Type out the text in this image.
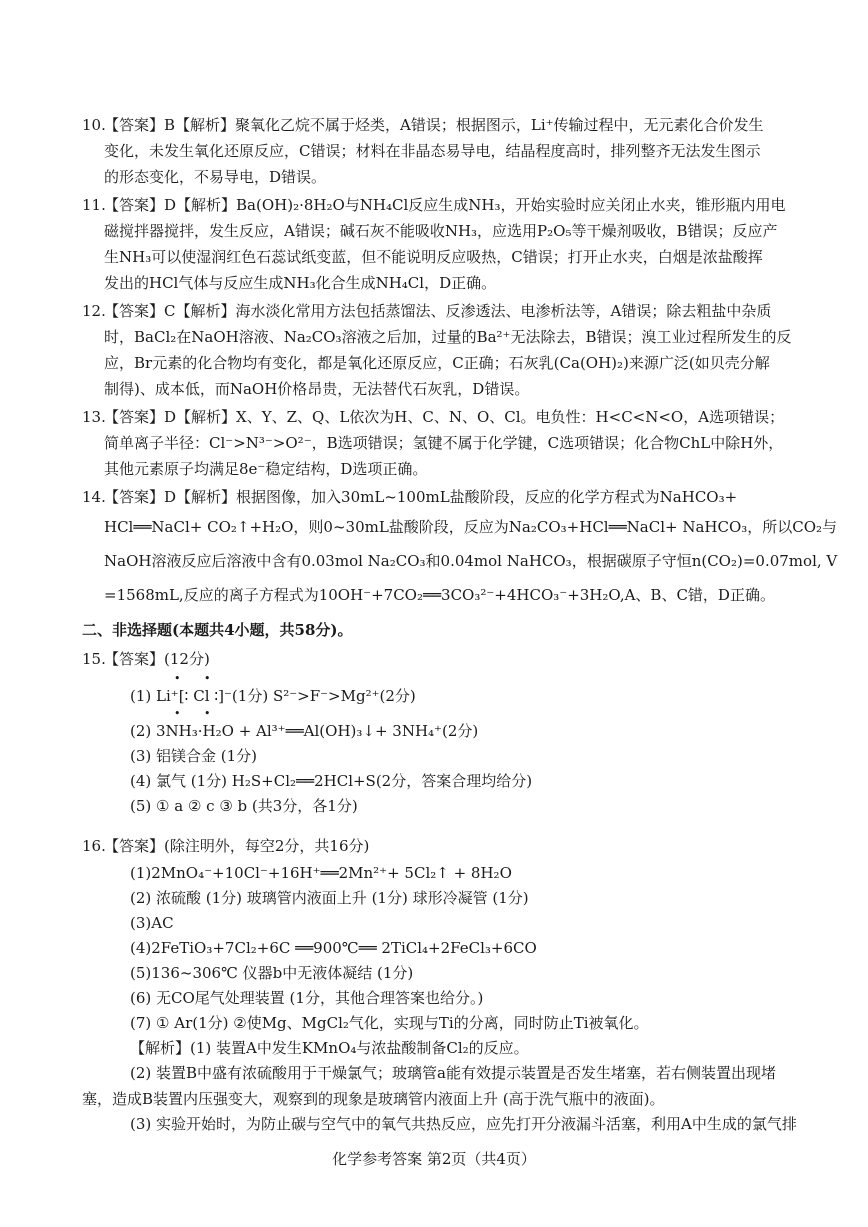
10.
【答案】B【解析】聚氧化乙烷不属于烃类，A错误；根据图示，Li⁺传输过程中，无元素化合价发生
变化，未发生氧化还原反应，C错误；材料在非晶态易导电，结晶程度高时，排列整齐无法发生图示
的形态变化，不易导电，D错误。
11.
【答案】D【解析】Ba(OH)₂·8H₂O与NH₄Cl反应生成NH₃，开始实验时应关闭止水夹，锥形瓶内用电
磁搅拌器搅拌，发生反应，A错误；碱石灰不能吸收NH₃，应选用P₂O₅等干燥剂吸收，B错误；反应产
生NH₃可以使湿润红色石蕊试纸变蓝，但不能说明反应吸热，C错误；打开止水夹，白烟是浓盐酸挥
发出的HCl气体与反应生成NH₃化合生成NH₄Cl，D正确。
12.
【答案】C【解析】海水淡化常用方法包括蒸馏法、反渗透法、电渗析法等，A错误；除去粗盐中杂质
时，BaCl₂在NaOH溶液、Na₂CO₃溶液之后加，过量的Ba²⁺无法除去，B错误；溴工业过程所发生的反
应，Br元素的化合物均有变化，都是氧化还原反应，C正确；石灰乳(Ca(OH)₂)来源广泛(如贝壳分解
制得)、成本低，而NaOH价格昂贵，无法替代石灰乳，D错误。
13.
【答案】D【解析】X、Y、Z、Q、L依次为H、C、N、O、Cl。电负性：H<C<N<O，A选项错误；
简单离子半径：Cl⁻>N³⁻>O²⁻，B选项错误；氢键不属于化学键，C选项错误；化合物ChL中除H外，
其他元素原子均满足8e⁻稳定结构，D选项正确。
14.
【答案】D【解析】根据图像，加入30mL~100mL盐酸阶段，反应的化学方程式为NaHCO₃+
HCl══NaCl+ CO₂↑+H₂O，则0~30mL盐酸阶段，反应为Na₂CO₃+HCl══NaCl+ NaHCO₃，所以CO₂与
NaOH溶液反应后溶液中含有0.03mol Na₂CO₃和0.04mol NaHCO₃，根据碳原子守恒n(CO₂)=0.07mol, V
=1568mL,反应的离子方程式为10OH⁻+7CO₂══3CO₃²⁻+4HCO₃⁻+3H₂O,A、B、C错，D正确。
二、非选择题(本题共4小题，共58分)。
15.
【答案】(12分)
• •
(1) Li⁺[∶ Cl ∶]⁻(1分) S²⁻>F⁻>Mg²⁺(2分)
• •
(2) 3NH₃·H₂O + Al³⁺══Al(OH)₃↓+ 3NH₄⁺(2分)
(3) 铝镁合金 (1分)
(4) 氯气 (1分) H₂S+Cl₂══2HCl+S(2分，答案合理均给分)
(5) ① a ② c ③ b (共3分，各1分)
16.
【答案】(除注明外，每空2分，共16分)
(1)2MnO₄⁻+10Cl⁻+16H⁺══2Mn²⁺+ 5Cl₂↑ + 8H₂O
(2) 浓硫酸 (1分) 玻璃管内液面上升 (1分) 球形冷凝管 (1分)
(3)AC
(4)2FeTiO₃+7Cl₂+6C ══900℃══ 2TiCl₄+2FeCl₃+6CO
(5)136~306℃ 仪器b中无液体凝结 (1分)
(6) 无CO尾气处理装置 (1分，其他合理答案也给分。)
(7) ① Ar(1分) ②使Mg、MgCl₂气化，实现与Ti的分离，同时防止Ti被氧化。
【解析】(1) 装置A中发生KMnO₄与浓盐酸制备Cl₂的反应。
(2) 装置B中盛有浓硫酸用于干燥氯气；玻璃管a能有效提示装置是否发生堵塞，若右侧装置出现堵
塞，造成B装置内压强变大，观察到的现象是玻璃管内液面上升 (高于洗气瓶中的液面)。
(3) 实验开始时，为防止碳与空气中的氧气共热反应，应先打开分液漏斗活塞，利用A中生成的氯气排
化学参考答案 第2页（共4页）
